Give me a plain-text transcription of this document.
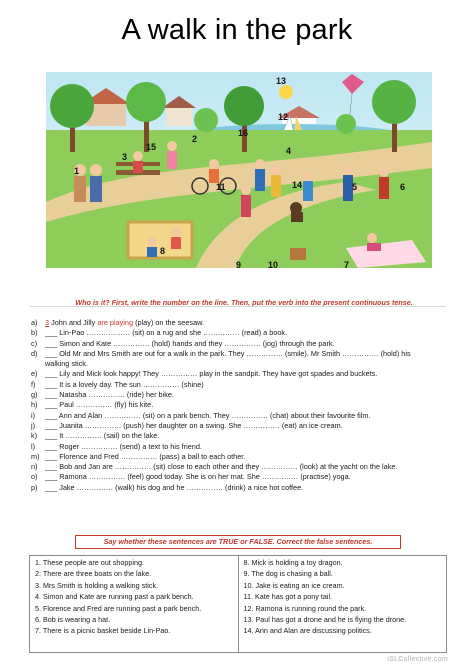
A walk in the park
1
2
3
4
5	6
7
8
9	10
11
12
13
14
15
16
Who is it? First, write the number on the line. Then, put the verb into the present continuous tense.
a)	3 John and Jilly are playing (play) on the seesaw.
b)	___ Lin-Pao ……………… (sit) on a rug and she …………… (read) a book.
c)	___ Simon and Kate …………… (hold) hands and they …………… (jog) through the park.
d)	___ Old Mr and Mrs Smith are out for a walk in the park. They …………… (smile). Mr Smith …………… (hold) his
walking stick.
e)	___ Lily and Mick look happy! They …………… play in the sandpit. They have got spades and buckets.
f)	___ It is a lovely day. The sun …………… (shine)
g)	___ Natasha …………… (ride) her bike.
h)	___ Paul …………… (fly) his kite.
i)	___ Ann and Alan …………… (sit) on a park bench. They …………… (chat) about their favourite film.
j)	___ Juanita …………… (push) her daughter on a swing. She …………… (eat) an ice cream.
k)	___ It …………… (sail) on the lake.
l)	___ Roger …………… (send) a text to his friend.
m) ___ Florence and Fred …………… (pass) a ball to each other.
n)	___ Bob and Jan are …………… (sit) close to each other and they …………… (look) at the yacht on the lake.
o)	___ Ramona …………… (feel) good today. She is on her mat. She …………… (practise) yoga.
p)	___ Jake …………… (walk) his dog and he …………… (drink) a nice hot coffee.
Say whether these sentences are TRUE or FALSE. Correct the false sentences.
1. These people are out shopping.
2. There are three boats on the lake.
3. Mrs Smith is holding a walking stick.
4. Simon and Kate are running past a park bench.
5. Florence and Fred are running past a park bench.
6. Bob is wearing a hat.
7. There is a picnic basket beside Lin-Pao.
8. Mick is holding a toy dragon.
9. The dog is chasing a ball.
10. Jake is eating an ice cream.
11. Kate has got a pony tail.
12. Ramona is running round the park.
13. Paul has got a drone and he is flying the drone.
14. Ann and Alan are discussing politics.
iSLCollective.com
